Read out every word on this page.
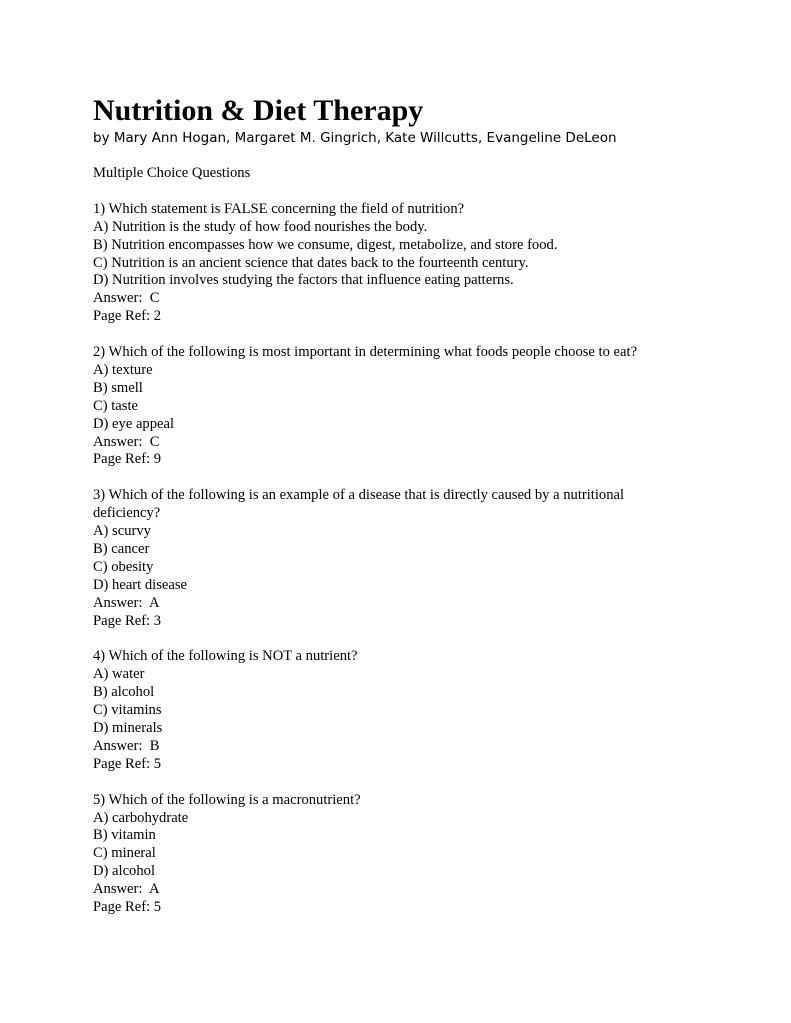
Nutrition & Diet Therapy
by Mary Ann Hogan, Margaret M. Gingrich, Kate Willcutts, Evangeline DeLeon
Multiple Choice Questions
1) Which statement is FALSE concerning the field of nutrition?
A) Nutrition is the study of how food nourishes the body.
B) Nutrition encompasses how we consume, digest, metabolize, and store food.
C) Nutrition is an ancient science that dates back to the fourteenth century.
D) Nutrition involves studying the factors that influence eating patterns.
Answer:  C
Page Ref: 2
2) Which of the following is most important in determining what foods people choose to eat?
A) texture
B) smell
C) taste
D) eye appeal
Answer:  C
Page Ref: 9
3) Which of the following is an example of a disease that is directly caused by a nutritional deficiency?
A) scurvy
B) cancer
C) obesity
D) heart disease
Answer:  A
Page Ref: 3
4) Which of the following is NOT a nutrient?
A) water
B) alcohol
C) vitamins
D) minerals
Answer:  B
Page Ref: 5
5) Which of the following is a macronutrient?
A) carbohydrate
B) vitamin
C) mineral
D) alcohol
Answer:  A
Page Ref: 5
